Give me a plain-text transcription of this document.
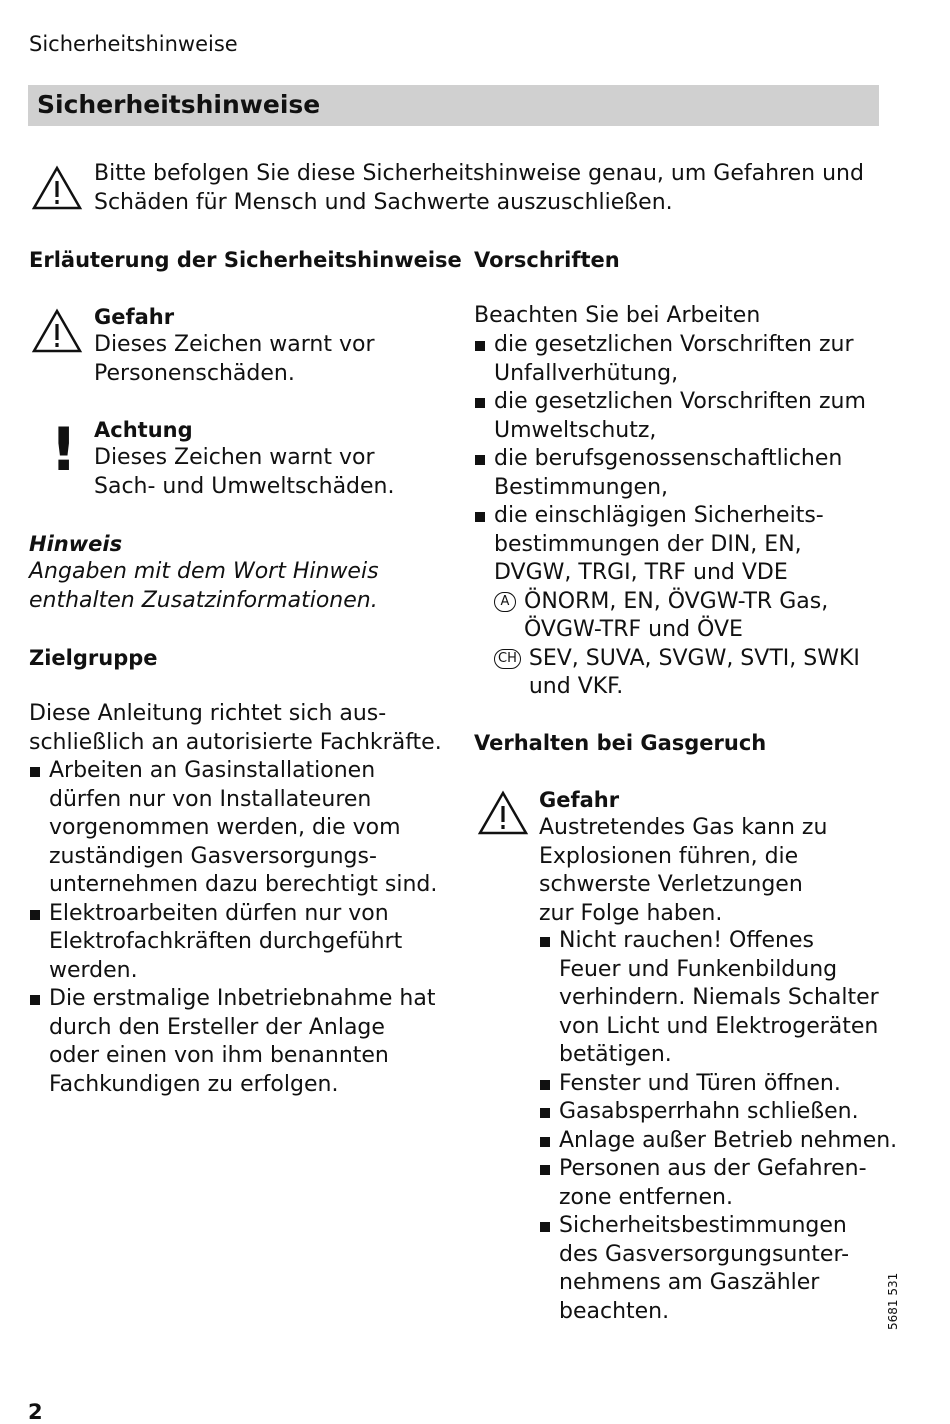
Sicherheitshinweise
Sicherheitshinweise
Bitte befolgen Sie diese Sicherheitshinweise genau, um Gefahren und
Schäden für Mensch und Sachwerte auszuschließen.
Erläuterung der Sicherheitshinweise
Gefahr
Dieses Zeichen warnt vor
Personenschäden.
! Achtung
Dieses Zeichen warnt vor
Sach- und Umweltschäden.
Hinweis
Angaben mit dem Wort Hinweis
enthalten Zusatzinformationen.
Zielgruppe
Diese Anleitung richtet sich aus-
schließlich an autorisierte Fachkräfte.
Arbeiten an Gasinstallationen
dürfen nur von Installateuren
vorgenommen werden, die vom
zuständigen Gasversorgungs-
unternehmen dazu berechtigt sind.
Elektroarbeiten dürfen nur von
Elektrofachkräften durchgeführt
werden.
Die erstmalige Inbetriebnahme hat
durch den Ersteller der Anlage
oder einen von ihm benannten
Fachkundigen zu erfolgen.
Vorschriften
Beachten Sie bei Arbeiten
die gesetzlichen Vorschriften zur
Unfallverhütung,
die gesetzlichen Vorschriften zum
Umweltschutz,
die berufsgenossenschaftlichen
Bestimmungen,
die einschlägigen Sicherheits-
bestimmungen der DIN, EN,
DVGW, TRGI, TRF und VDE
A ÖNORM, EN, ÖVGW-TR Gas,
ÖVGW-TRF und ÖVE
CH SEV, SUVA, SVGW, SVTI, SWKI
und VKF.
Verhalten bei Gasgeruch
Gefahr
Austretendes Gas kann zu
Explosionen führen, die
schwerste Verletzungen
zur Folge haben.
Nicht rauchen! Offenes
Feuer und Funkenbildung
verhindern. Niemals Schalter
von Licht und Elektrogeräten
betätigen.
Fenster und Türen öffnen.
Gasabsperrhahn schließen.
Anlage außer Betrieb nehmen.
Personen aus der Gefahren-
zone entfernen.
Sicherheitsbestimmungen
des Gasversorgungsunter-
nehmens am Gaszähler
beachten.	5681 531
2
